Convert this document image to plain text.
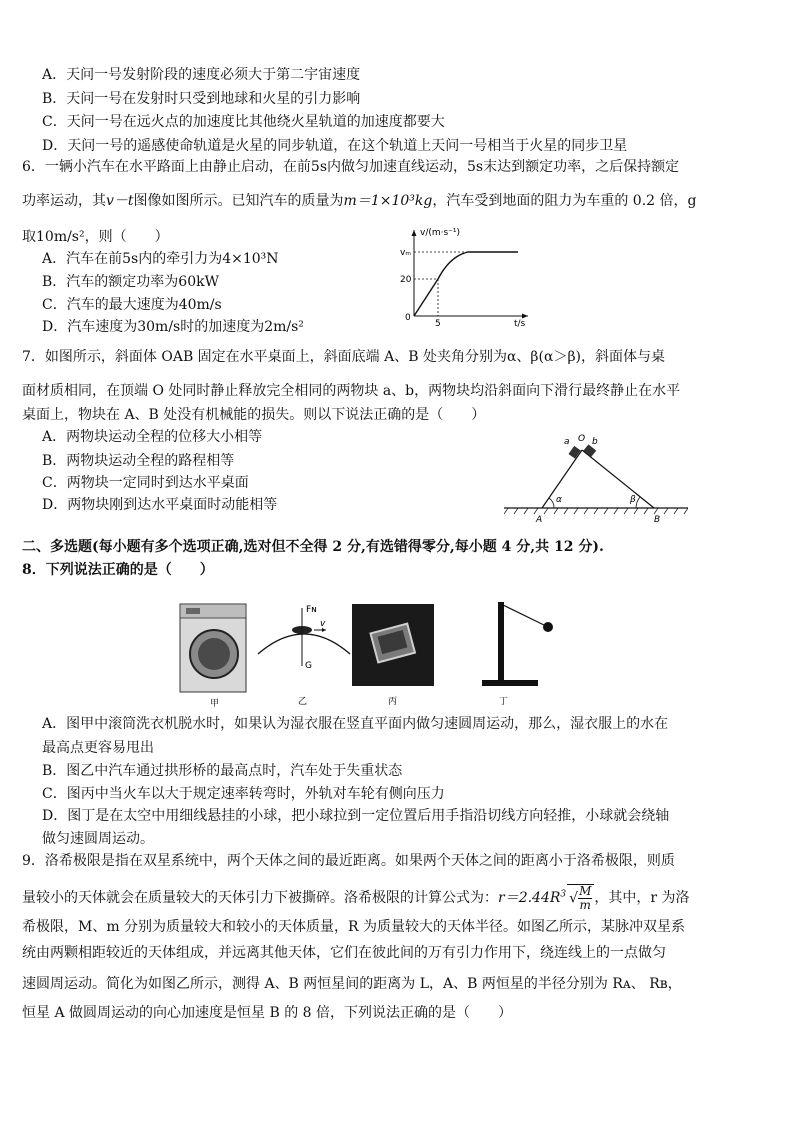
A．天问一号发射阶段的速度必须大于第二宇宙速度
B．天问一号在发射时只受到地球和火星的引力影响
C．天问一号在远火点的加速度比其他绕火星轨道的加速度都要大
D．天问一号的遥感使命轨道是火星的同步轨道，在这个轨道上天问一号相当于火星的同步卫星
6．一辆小汽车在水平路面上由静止启动，在前5s内做匀加速直线运动，5s末达到额定功率，之后保持额定
功率运动，其v－t图像如图所示。已知汽车的质量为m＝1×10³kg，汽车受到地面的阻力为车重的 0.2 倍，g
取10m/s²，则（　　）
A．汽车在前5s内的牵引力为4×10³N
B．汽车的额定功率为60kW
C．汽车的最大速度为40m/s
D．汽车速度为30m/s时的加速度为2m/s²
v/(m·s⁻¹)
t/s
vₘ
20
5
0
7．如图所示，斜面体 OAB 固定在水平桌面上，斜面底端 A、B 处夹角分别为α、β(α＞β)，斜面体与桌
面材质相同，在顶端 O 处同时静止释放完全相同的两物块 a、b，两物块均沿斜面向下滑行最终静止在水平
桌面上，物块在 A、B 处没有机械能的损失。则以下说法正确的是（　　）
A．两物块运动全程的位移大小相等
B．两物块运动全程的路程相等
C．两物块一定同时到达水平桌面
D．两物块刚到达水平桌面时动能相等
a O b
α	β
A	B
二、多选题(每小题有多个选项正确,选对但不全得 2 分,有选错得零分,每小题 4 分,共 12 分).
8．下列说法正确的是（　　）
甲
Fɴ
v
G
乙	丙	丁
A．图甲中滚筒洗衣机脱水时，如果认为湿衣服在竖直平面内做匀速圆周运动，那么，湿衣服上的水在
最高点更容易甩出
B．图乙中汽车通过拱形桥的最高点时，汽车处于失重状态
C．图丙中当火车以大于规定速率转弯时，外轨对车轮有侧向压力
D．图丁是在太空中用细线悬挂的小球，把小球拉到一定位置后用手指沿切线方向轻推，小球就会绕轴
做匀速圆周运动。
9．洛希极限是指在双星系统中，两个天体之间的最近距离。如果两个天体之间的距离小于洛希极限，则质
量较小的天体就会在质量较大的天体引力下被撕碎。洛希极限的计算公式为：$r=2.44R^3$ √ $\frac{M}{m}$ ，其中，r 为洛
希极限，M、m 分别为质量较大和较小的天体质量，R 为质量较大的天体半径。如图乙所示，某脉冲双星系
统由两颗相距较近的天体组成，并远离其他天体，它们在彼此间的万有引力作用下，绕连线上的一点做匀
速圆周运动。简化为如图乙所示，测得 A、B 两恒星间的距离为 L，A、B 两恒星的半径分别为 Rᴀ、 Rʙ，
恒星 A 做圆周运动的向心加速度是恒星 B 的 8 倍，下列说法正确的是（　　）
